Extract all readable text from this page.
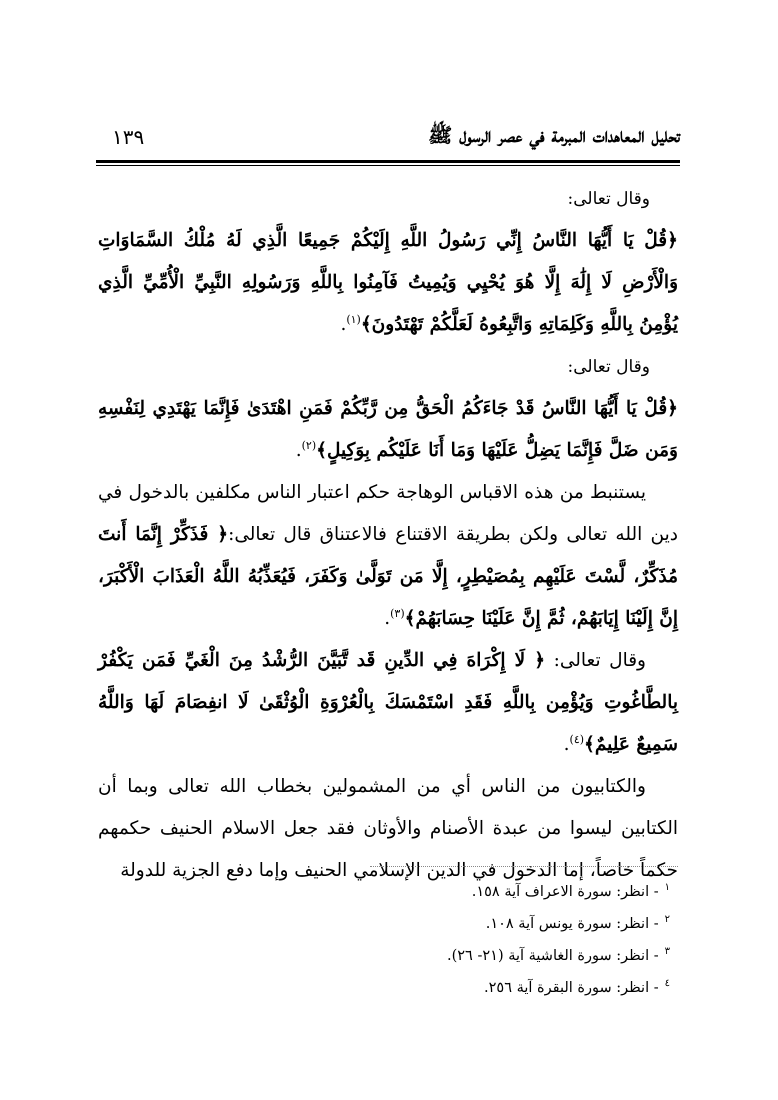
تحليل المعاهدات المبرمة في عصر الرسول ﷺ
١٣٩

وقال تعالى:

﴿قُلْ يَا أَيُّهَا النَّاسُ إِنِّي رَسُولُ اللَّهِ إِلَيْكُمْ جَمِيعًا الَّذِي لَهُ مُلْكُ السَّمَاوَاتِ وَالْأَرْضِ لَا إِلَٰهَ إِلَّا هُوَ يُحْيِي وَيُمِيتُ فَآمِنُوا بِاللَّهِ وَرَسُولِهِ النَّبِيِّ الْأُمِّيِّ الَّذِي يُؤْمِنُ بِاللَّهِ وَكَلِمَاتِهِ وَاتَّبِعُوهُ لَعَلَّكُمْ تَهْتَدُونَ﴾$^{(١)}$.

وقال تعالى:

﴿قُلْ يَا أَيُّهَا النَّاسُ قَدْ جَاءَكُمُ الْحَقُّ مِن رَّبِّكُمْ فَمَنِ اهْتَدَىٰ فَإِنَّمَا يَهْتَدِي لِنَفْسِهِ وَمَن ضَلَّ فَإِنَّمَا يَضِلُّ عَلَيْهَا وَمَا أَنَا عَلَيْكُم بِوَكِيلٍ﴾$^{(٢)}$.

يستنبط من هذه الاقباس الوهاجة حكم اعتبار الناس مكلفين بالدخول في دين الله تعالى ولكن بطريقة الاقتناع فالاعتناق قال تعالى:﴿ فَذَكِّرْ إِنَّمَا أَنتَ مُذَكِّرٌ، لَّسْتَ عَلَيْهِم بِمُصَيْطِرٍ، إِلَّا مَن تَوَلَّىٰ وَكَفَرَ، فَيُعَذِّبُهُ اللَّهُ الْعَذَابَ الْأَكْبَرَ، إِنَّ إِلَيْنَا إِيَابَهُمْ، ثُمَّ إِنَّ عَلَيْنَا حِسَابَهُمْ﴾$^{(٣)}$.

وقال تعالى: ﴿ لَا إِكْرَاهَ فِي الدِّينِ قَد تَّبَيَّنَ الرُّشْدُ مِنَ الْغَيِّ فَمَن يَكْفُرْ بِالطَّاغُوتِ وَيُؤْمِن بِاللَّهِ فَقَدِ اسْتَمْسَكَ بِالْعُرْوَةِ الْوُثْقَىٰ لَا انفِصَامَ لَهَا وَاللَّهُ سَمِيعٌ عَلِيمٌ﴾$^{(٤)}$.

والكتابيون من الناس أي من المشمولين بخطاب الله تعالى وبما أن الكتابين ليسوا من عبدة الأصنام والأوثان فقد جعل الاسلام الحنيف حكمهم حكماً خاصاً، إما الدخول في الدين الإسلامي الحنيف وإما دفع الجزية للدولة

$^١$- انظر: سورة الاعراف آية ١٥٨.
$^٢$- انظر: سورة يونس آية ١٠٨.
$^٣$- انظر: سورة الغاشية آية (٢١- ٢٦).
$^٤$- انظر: سورة البقرة آية ٢٥٦.
